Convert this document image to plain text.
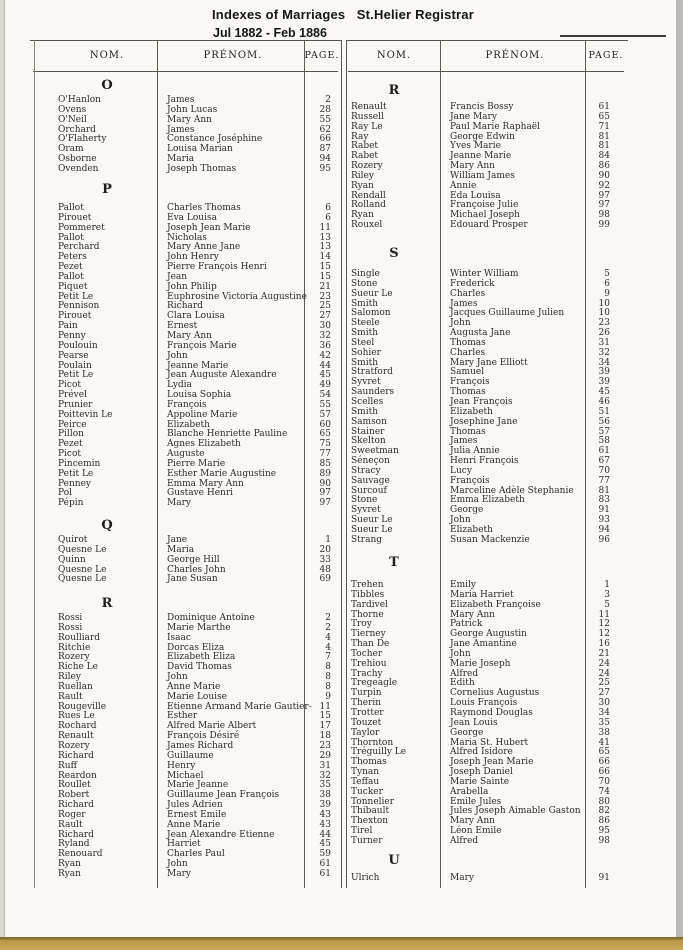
Indexes of Marriages   St.Helier Registrar
Jul 1882 - Feb 1886
NOM.	PRÉNOM.	PAGE.	NOM.	PRÉNOM.	PAGE.
O
O'Hanlon	James	2
Ovens	John Lucas	28
O'Neil	Mary Ann	55
Orchard	James	62
O'Flaherty	Constance Joséphine	66
Oram	Louisa Marian	87
Osborne	Maria	94
Ovenden	Joseph Thomas	95
P
Pallot	Charles Thomas	6
Pirouet	Eva Louisa	6
Pommeret	Joseph Jean Marie	11
Pallot	Nicholas	13
Perchard	Mary Anne Jane	13
Peters	John Henry	14
Pezet	Pierre François Henri	15
Pallot	Jean	15
Piquet	John Philip	21
Petit Le	Euphrosine Victoria Augustine	23
Pennison	Richard	25
Pirouet	Clara Louisa	27
Pain	Ernest	30
Penny	Mary Ann	32
Poulouin	François Marie	36
Pearse	John	42
Poulain	Jeanne Marie	44
Petit Le	Jean Auguste Alexandre	45
Picot	Lydia	49
Prével	Louisa Sophia	54
Prunier	François	55
Poittevin Le	Appoline Marie	57
Peirce	Elizabeth	60
Pillon	Blanche Henriette Pauline	65
Pezet	Agnes Elizabeth	75
Picot	Auguste	77
Pincemin	Pierre Marie	85
Petit Le	Esther Marie Augustine	89
Penney	Emma Mary Ann	90
Pol	Gustave Henri	97
Pépin	Mary	97
Q
Quirot	Jane	1
Quesne Le	Maria	20
Quinn	George Hill	33
Quesne Le	Charles John	48
Quesne Le	Jane Susan	69
R
Rossi	Dominique Antoine	2
Rossi	Marie Marthe	2
Roulliard	Isaac	4
Ritchie	Dorcas Eliza	4
Rozery	Elizabeth Eliza	7
Riche Le	David Thomas	8
Riley	John	8
Ruellan	Anne Marie	8
Rault	Marie Louise	9
Rougeville	Etienne Armand Marie Gautier- 11
Rues Le	Esther	15
Rochard	Alfred Marie Albert	17
Renault	François Désiré	18
Rozery	James Richard	23
Richard	Guillaume	29
Ruff	Henry	31
Reardon	Michael	32
Roullet	Marie Jeanne	35
Robert	Guillaume Jean François	38
Richard	Jules Adrien	39
Roger	Ernest Emile	43
Rault	Anne Marie	43
Richard	Jean Alexandre Etienne	44
Ryland	Harriet	45
Renouard	Charles Paul	59
Ryan	John	61
Ryan	Mary	61
R
Renault	Francis Bossy	61
Russell	Jane Mary	65
Ray Le	Paul Marie Raphaël	71
Ray	George Edwin	81
Rabet	Yves Marie	81
Rabet	Jeanne Marie	84
Rozery	Mary Ann	86
Riley	William James	90
Ryan	Annie	92
Rendall	Eda Louisa	97
Rolland	Françoise Julie	97
Ryan	Michael Joseph	98
Rouxel	Edouard Prosper	99
S
Single	Winter William	5
Stone	Frederick	6
Sueur Le	Charles	9
Smith	James	10
Salomon	Jacques Guillaume Julien	10
Steele	John	23
Smith	Augusta Jane	26
Steel	Thomas	31
Sohier	Charles	32
Smith	Mary Jane Elliott	34
Stratford	Samuel	39
Syvret	François	39
Saunders	Thomas	45
Scelles	Jean François	46
Smith	Elizabeth	51
Samson	Josephine Jane	56
Stainer	Thomas	57
Skelton	James	58
Sweetman	Julia Annie	61
Séneçon	Henri François	67
Stracy	Lucy	70
Sauvage	François	77
Surcouf	Marceline Adèle Stephanie	81
Stone	Emma Elizabeth	83
Syvret	George	91
Sueur Le	John	93
Sueur Le	Elizabeth	94
Strang	Susan Mackenzie	96
T
Trehen	Emily	1
Tibbles	Maria Harriet	3
Tardivel	Elizabeth Françoise	5
Thorne	Mary Ann	11
Troy	Patrick	12
Tierney	George Augustin	12
Than De	Jane Amantine	16
Tocher	John	21
Trehiou	Marie Joseph	24
Trachy	Alfred	24
Tregeagle	Edith	25
Turpin	Cornelius Augustus	27
Therin	Louis François	30
Trotter	Raymond Douglas	34
Touzet	Jean Louis	35
Taylor	George	38
Thornton	Maria St. Hubert	41
Tréguilly Le	Alfred Isidore	65
Thomas	Joseph Jean Marie	66
Tynan	Joseph Daniel	66
Teffau	Marie Sainte	70
Tucker	Arabella	74
Tonnelier	Emile Jules	80
Thibault	Jules Joseph Aimable Gaston	82
Thexton	Mary Ann	86
Tirel	Léon Emile	95
Turner	Alfred	98
U
Ulrich	Mary	91
